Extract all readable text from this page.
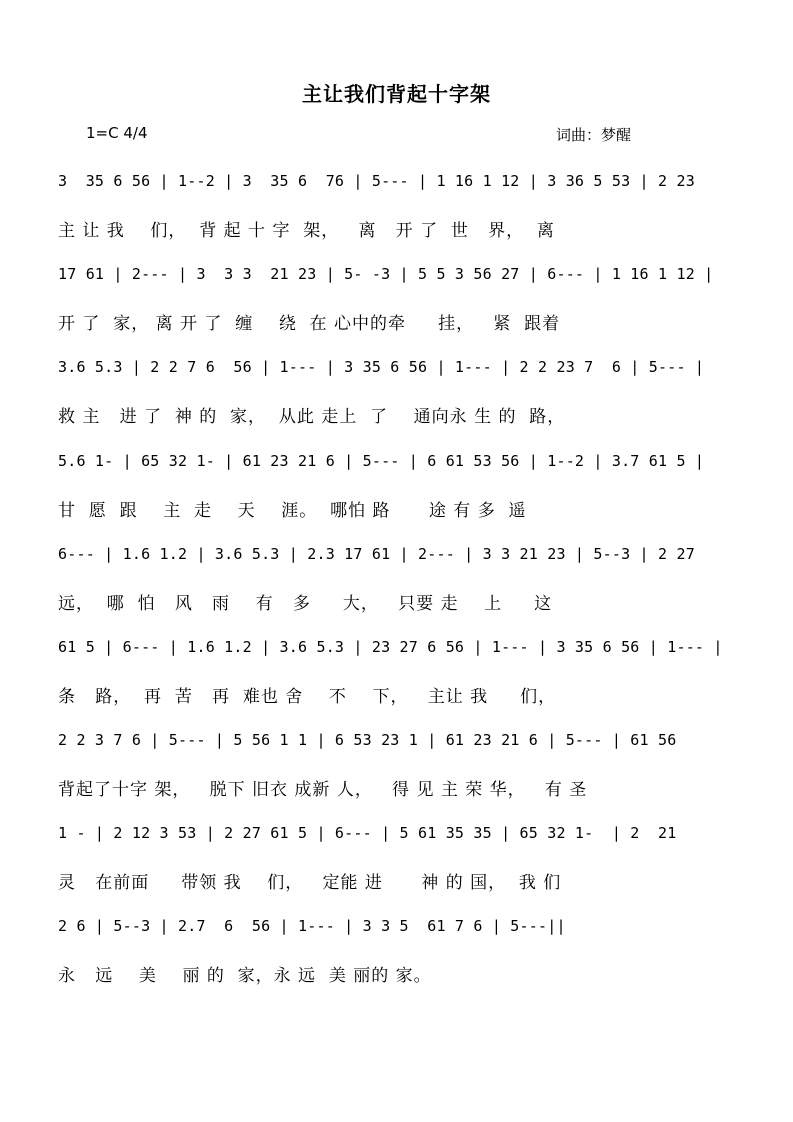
主让我们背起十字架
1=C 4/4	词曲：梦醒
3  35 6 56 | 1--2 | 3  35 6  76 | 5--- | 1 16 1 12 | 3 36 5 53 | 2 23
主 让 我    们，  背 起 十 字  架，   离   开 了  世   界，  离
17 61 | 2--- | 3  3 3  21 23 | 5- -3 | 5 5 3 56 27 | 6--- | 1 16 1 12 |
开 了  家， 离 开 了  缠    绕  在 心中的牵     挂，   紧  跟着
3.6 5.3 | 2 2 7 6  56 | 1--- | 3 35 6 56 | 1--- | 2 2 23 7  6 | 5--- |
救 主   进 了  神 的  家，  从此 走上  了    通向永 生 的  路，
5.6 1- | 65 32 1- | 61 23 21 6 | 5--- | 6 61 53 56 | 1--2 | 3.7 61 5 |
甘  愿  跟    主  走    天    涯。  哪怕 路      途 有 多  遥
6--- | 1.6 1.2 | 3.6 5.3 | 2.3 17 61 | 2--- | 3 3 21 23 | 5--3 | 2 27
远，  哪  怕   风   雨    有   多     大，   只要 走    上     这
61 5 | 6--- | 1.6 1.2 | 3.6 5.3 | 23 27 6 56 | 1--- | 3 35 6 56 | 1--- |
条   路，  再  苦   再  难也 舍    不    下，   主让 我     们，
2 2 3 7 6 | 5--- | 5 56 1 1 | 6 53 23 1 | 61 23 21 6 | 5--- | 61 56
背起了十字 架，   脱下 旧衣 成新 人，   得 见 主 荣 华，   有 圣
1 - | 2 12 3 53 | 2 27 61 5 | 6--- | 5 61 35 35 | 65 32 1-  | 2  21
灵   在前面     带领 我    们，   定能 进      神 的 国，  我 们
2 6 | 5--3 | 2.7  6  56 | 1--- | 3 3 5  61 7 6 | 5---||
永   远    美    丽 的  家，永 远  美 丽的 家。
